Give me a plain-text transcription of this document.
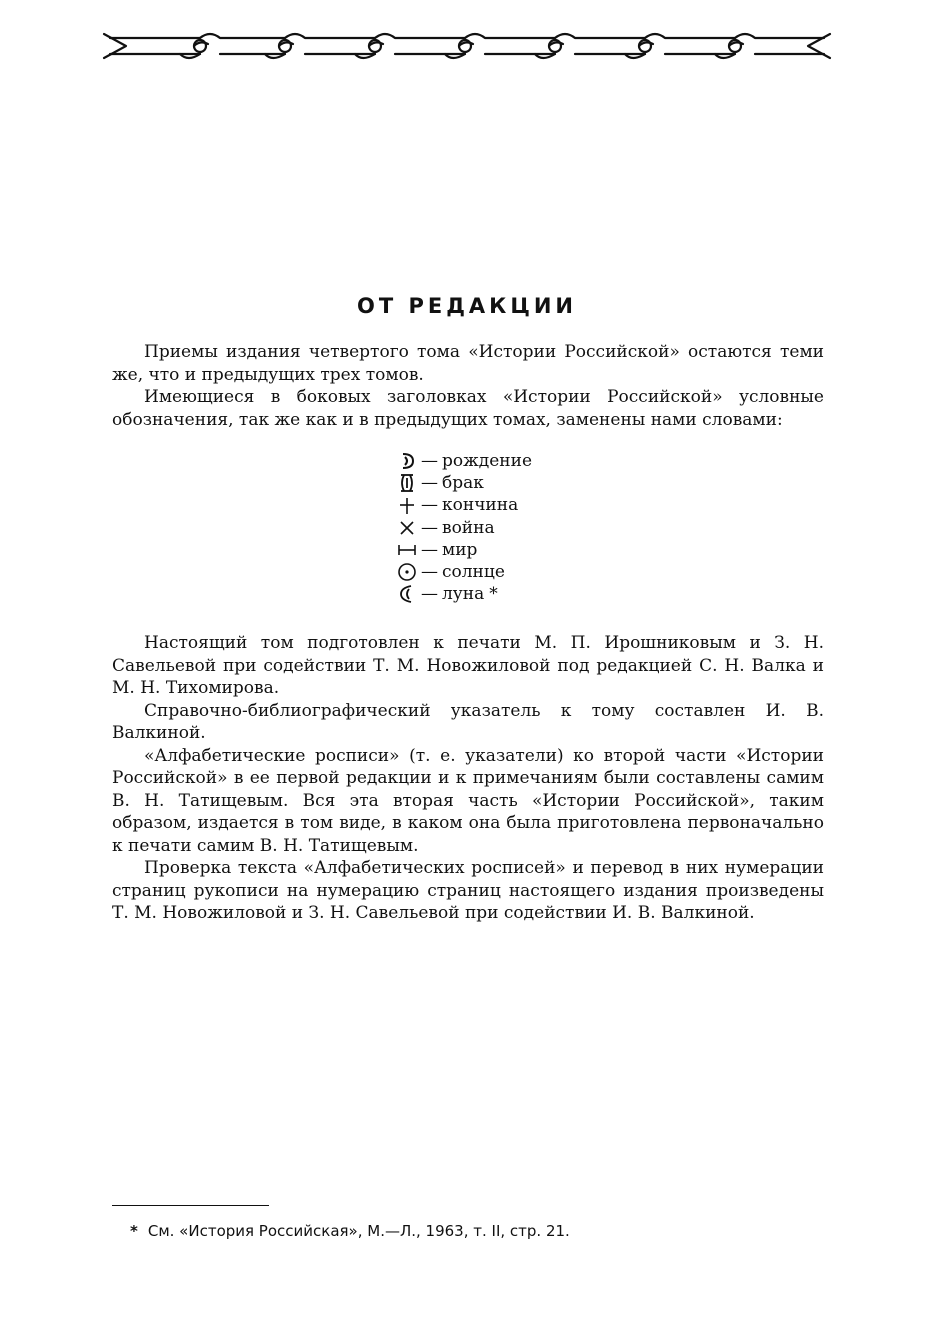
ОТ РЕДАКЦИИ

Приемы издания четвертого тома «Истории Российской» остаются теми же, что и предыдущих трех томов.

Имеющиеся в боковых заголовках «Истории Российской» условные обозначения, так же как и в предыдущих томах, заменены нами словами:

— рождение
— брак
— кончина
— война
— мир
— солнце
— луна *

Настоящий том подготовлен к печати М. П. Ирошниковым и З. Н. Савельевой при содействии Т. М. Новожиловой под редакцией С. Н. Валка и М. Н. Тихомирова.

Справочно-библиографический указатель к тому составлен И. В. Валкиной.

«Алфабетические росписи» (т. е. указатели) ко второй части «Истории Российской» в ее первой редакции и к примечаниям были составлены самим В. Н. Татищевым. Вся эта вторая часть «Истории Российской», таким образом, издается в том виде, в каком она была приготовлена первоначально к печати самим В. Н. Татищевым.

Проверка текста «Алфабетических росписей» и перевод в них нумерации страниц рукописи на нумерацию страниц настоящего издания произведены Т. М. Новожиловой и З. Н. Савельевой при содействии И. В. Валкиной.

* См. «История Российская», М.—Л., 1963, т. II, стр. 21.
